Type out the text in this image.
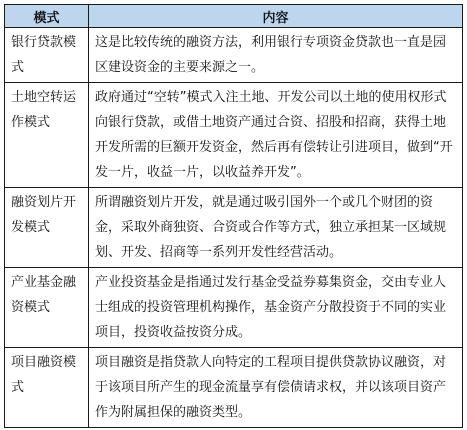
模式	内容
银行贷款模式	这是比较传统的融资方法，利用银行专项资金贷款也一直是园区建设资金的主要来源之一。
土地空转运作模式	政府通过“空转”模式入注土地、开发公司以土地的使用权形式向银行贷款，或借土地资产通过合资、招股和招商，获得土地开发所需的巨额开发资金，然后再有偿转让引进项目，做到“开发一片，收益一片，以收益养开发”。
融资划片开发模式	所谓融资划片开发，就是通过吸引国外一个或几个财团的资金，采取外商独资、合资或合作等方式，独立承担某一区域规划、开发、招商等一系列开发性经营活动。
产业基金融资模式	产业投资基金是指通过发行基金受益券募集资金，交由专业人士组成的投资管理机构操作，基金资产分散投资于不同的实业项目，投资收益按资分成。
项目融资模式	项目融资是指贷款人向特定的工程项目提供贷款协议融资，对于该项目所产生的现金流量享有偿债请求权，并以该项目资产作为附属担保的融资类型。
